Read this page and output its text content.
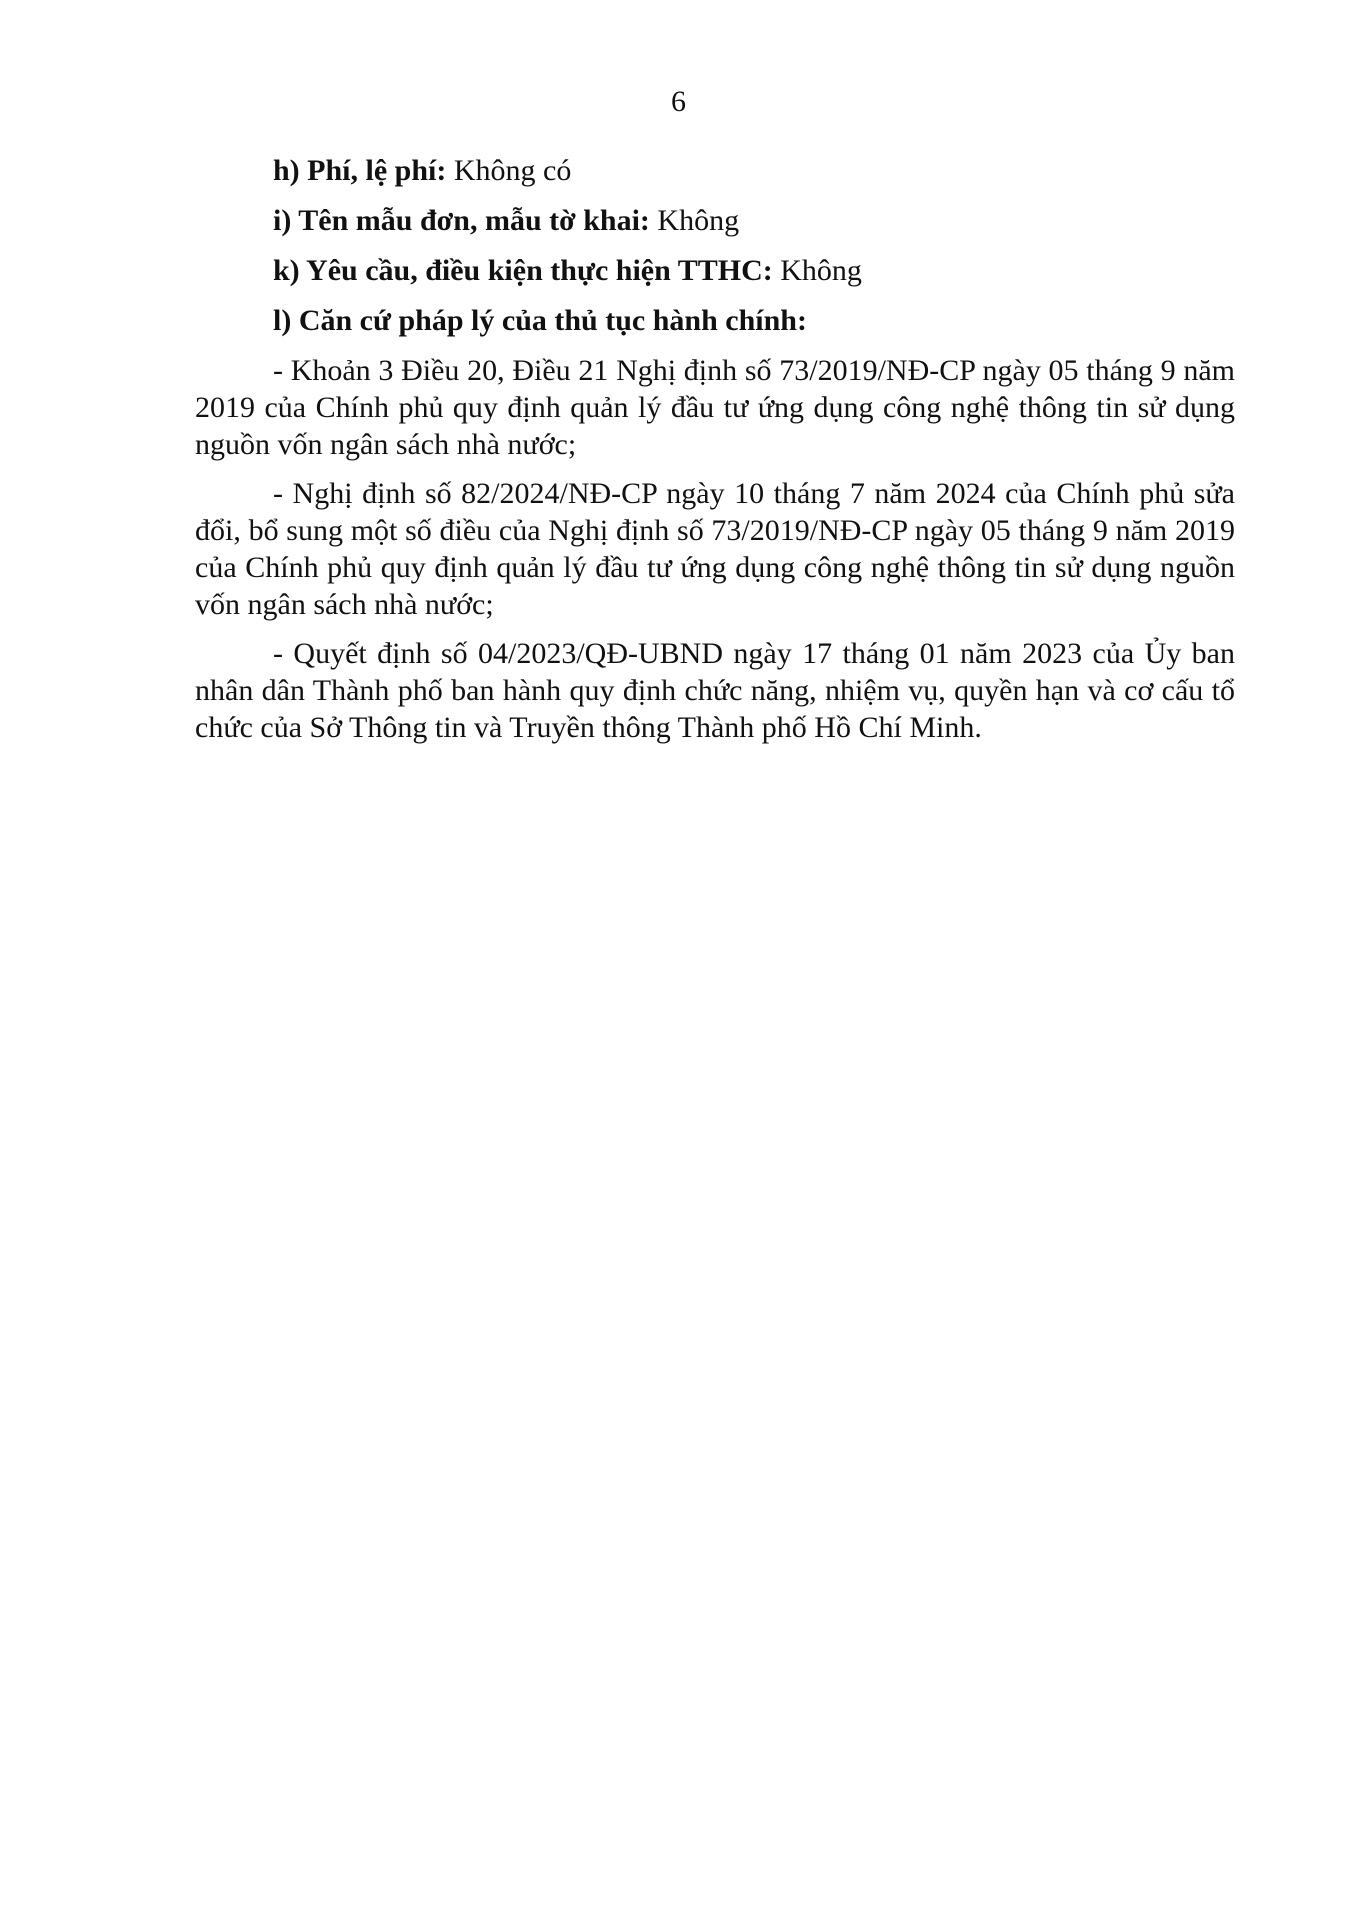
6

h) Phí, lệ phí: Không có

i) Tên mẫu đơn, mẫu tờ khai: Không

k) Yêu cầu, điều kiện thực hiện TTHC: Không

l) Căn cứ pháp lý của thủ tục hành chính:

- Khoản 3 Điều 20, Điều 21 Nghị định số 73/2019/NĐ-CP ngày 05 tháng 9 năm 2019 của Chính phủ quy định quản lý đầu tư ứng dụng công nghệ thông tin sử dụng nguồn vốn ngân sách nhà nước;

- Nghị định số 82/2024/NĐ-CP ngày 10 tháng 7 năm 2024 của Chính phủ sửa đổi, bổ sung một số điều của Nghị định số 73/2019/NĐ-CP ngày 05 tháng 9 năm 2019 của Chính phủ quy định quản lý đầu tư ứng dụng công nghệ thông tin sử dụng nguồn vốn ngân sách nhà nước;

- Quyết định số 04/2023/QĐ-UBND ngày 17 tháng 01 năm 2023 của Ủy ban nhân dân Thành phố ban hành quy định chức năng, nhiệm vụ, quyền hạn và cơ cấu tổ chức của Sở Thông tin và Truyền thông Thành phố Hồ Chí Minh.
